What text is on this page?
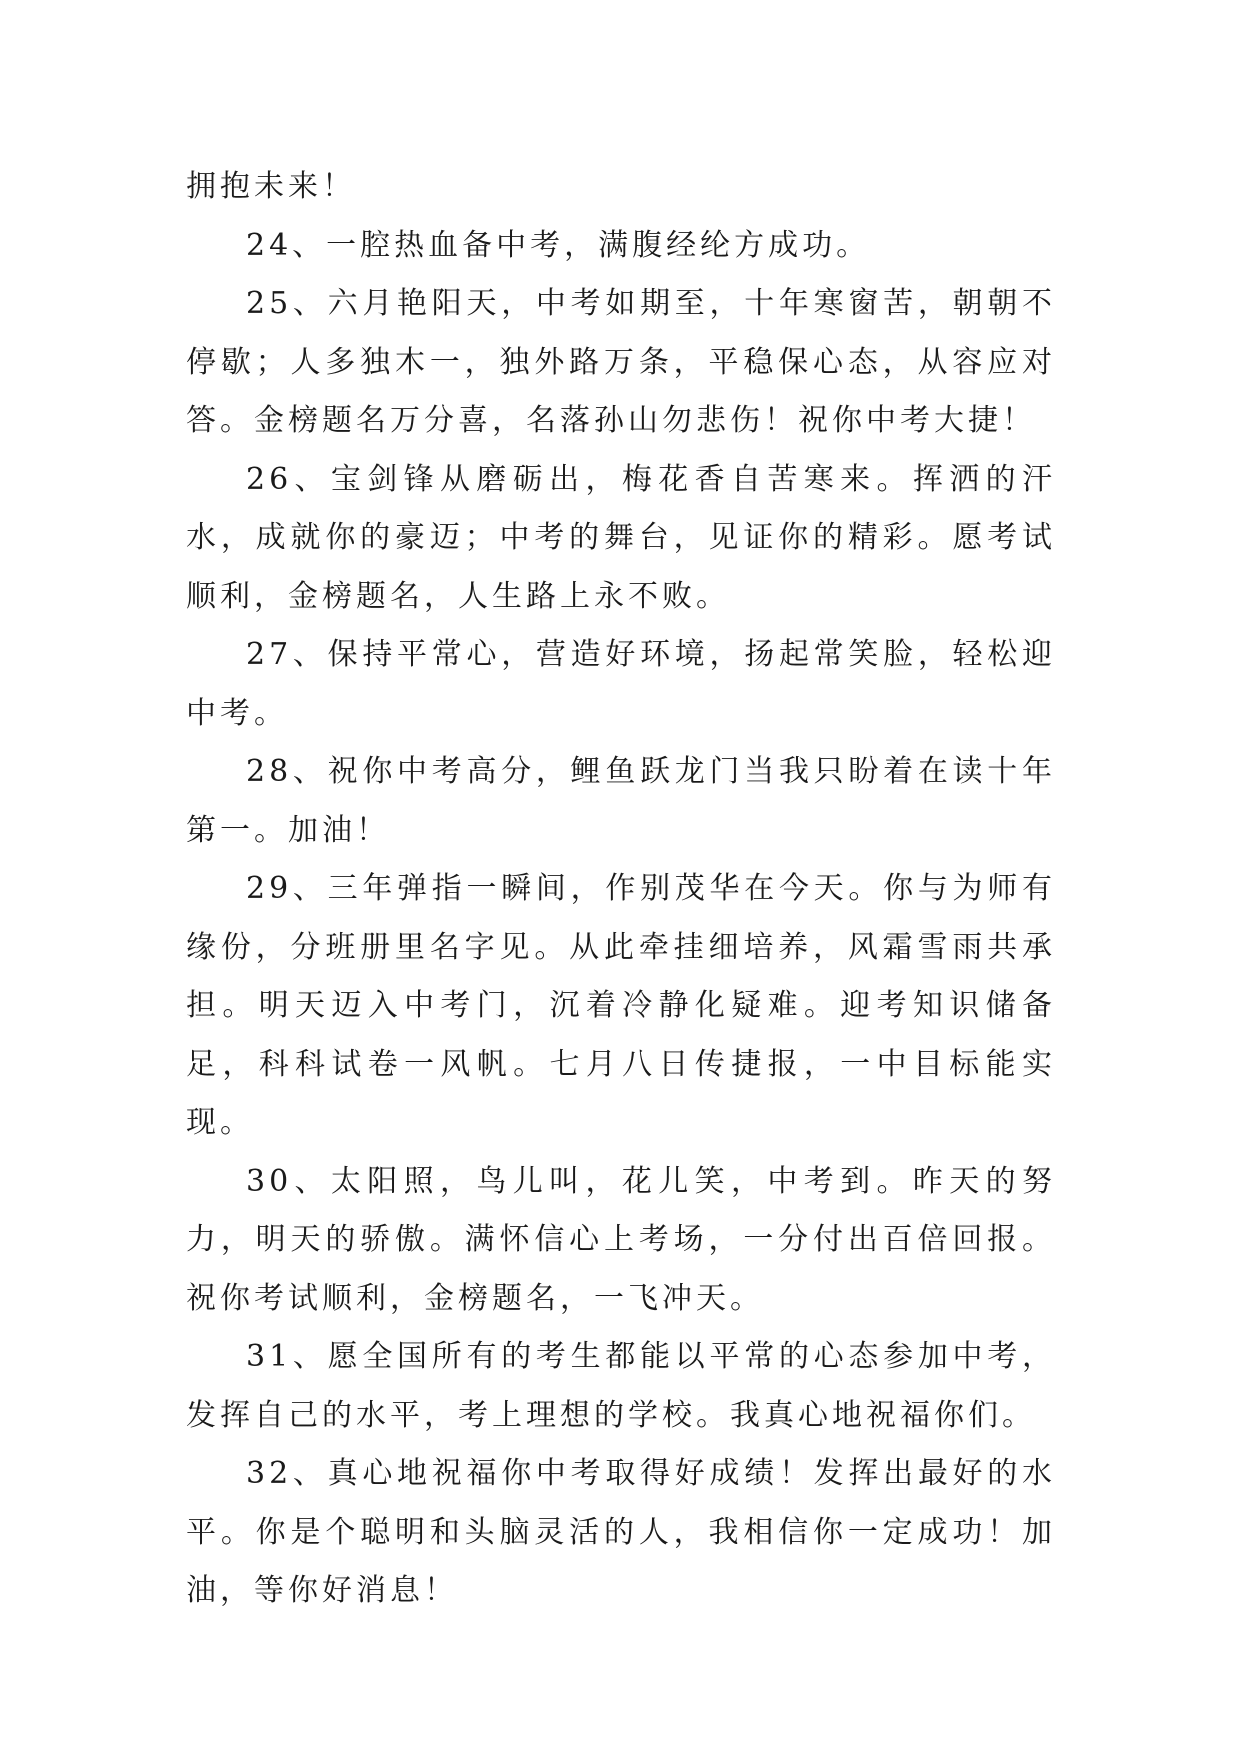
拥抱未来！

24、一腔热血备中考，满腹经纶方成功。

25、六月艳阳天，中考如期至，十年寒窗苦，朝朝不停歇；人多独木一，独外路万条，平稳保心态，从容应对答。金榜题名万分喜，名落孙山勿悲伤！祝你中考大捷！

26、宝剑锋从磨砺出，梅花香自苦寒来。挥洒的汗水，成就你的豪迈；中考的舞台，见证你的精彩。愿考试顺利，金榜题名，人生路上永不败。

27、保持平常心，营造好环境，扬起常笑脸，轻松迎中考。

28、祝你中考高分，鲤鱼跃龙门当我只盼着在读十年第一。加油！

29、三年弹指一瞬间，作别茂华在今天。你与为师有缘份，分班册里名字见。从此牵挂细培养，风霜雪雨共承担。明天迈入中考门，沉着冷静化疑难。迎考知识储备足，科科试卷一风帆。七月八日传捷报，一中目标能实现。

30、太阳照，鸟儿叫，花儿笑，中考到。昨天的努力，明天的骄傲。满怀信心上考场，一分付出百倍回报。祝你考试顺利，金榜题名，一飞冲天。

31、愿全国所有的考生都能以平常的心态参加中考，发挥自己的水平，考上理想的学校。我真心地祝福你们。

32、真心地祝福你中考取得好成绩！发挥出最好的水平。你是个聪明和头脑灵活的人，我相信你一定成功！加油，等你好消息！
